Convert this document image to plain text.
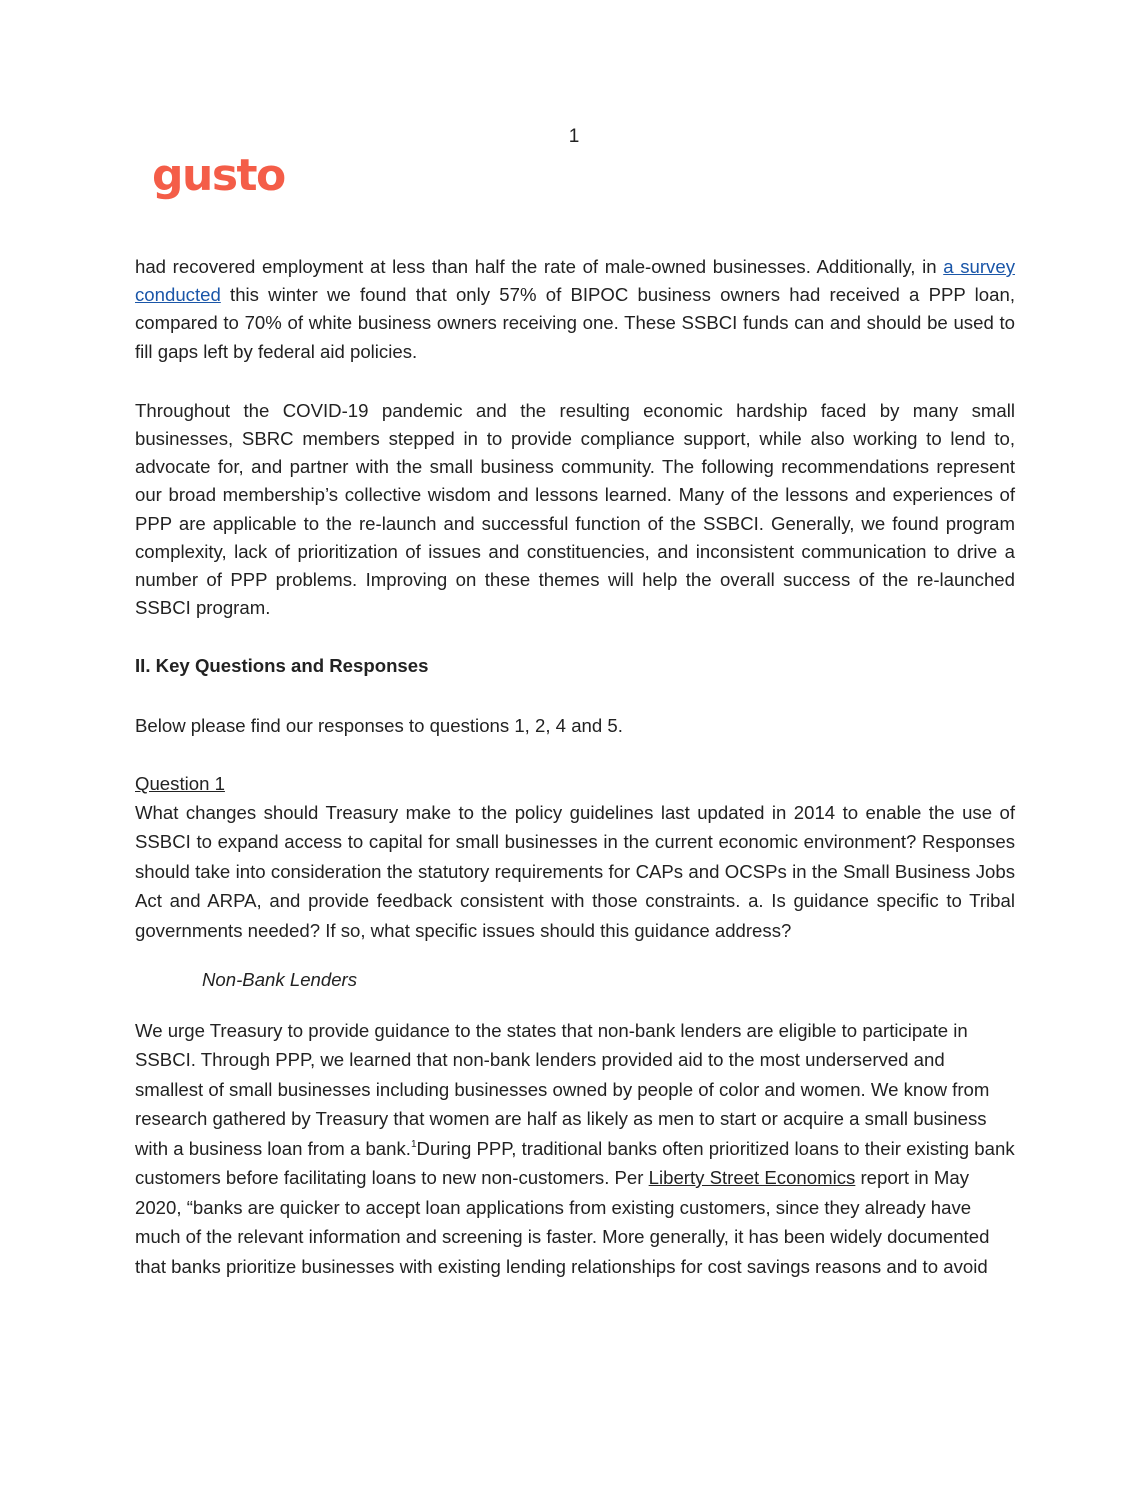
1
gusto

had recovered employment at less than half the rate of male-owned businesses. Additionally, in a survey conducted this winter we found that only 57% of BIPOC business owners had received a PPP loan, compared to 70% of white business owners receiving one. These SSBCI funds can and should be used to fill gaps left by federal aid policies.

Throughout the COVID-19 pandemic and the resulting economic hardship faced by many small businesses, SBRC members stepped in to provide compliance support, while also working to lend to, advocate for, and partner with the small business community. The following recommendations represent our broad membership’s collective wisdom and lessons learned. Many of the lessons and experiences of PPP are applicable to the re-launch and successful function of the SSBCI. Generally, we found program complexity, lack of prioritization of issues and constituencies, and inconsistent communication to drive a number of PPP problems. Improving on these themes will help the overall success of the re-launched SSBCI program.

II. Key Questions and Responses
Below please find our responses to questions 1, 2, 4 and 5.
Question 1

What changes should Treasury make to the policy guidelines last updated in 2014 to enable the use of SSBCI to expand access to capital for small businesses in the current economic environment? Responses should take into consideration the statutory requirements for CAPs and OCSPs in the Small Business Jobs Act and ARPA, and provide feedback consistent with those constraints. a. Is guidance specific to Tribal governments needed? If so, what specific issues should this guidance address?

Non-Bank Lenders

We urge Treasury to provide guidance to the states that non-bank lenders are eligible to participate in SSBCI. Through PPP, we learned that non-bank lenders provided aid to the most underserved and smallest of small businesses including businesses owned by people of color and women. We know from research gathered by Treasury that women are half as likely as men to start or acquire a small business with a business loan from a bank.$^1$During PPP, traditional banks often prioritized loans to their existing bank customers before facilitating loans to new non-customers. Per Liberty Street Economics report in May 2020, “banks are quicker to accept loan applications from existing customers, since they already have much of the relevant information and screening is faster. More generally, it has been widely documented that banks prioritize businesses with existing lending relationships for cost savings reasons and to avoid
